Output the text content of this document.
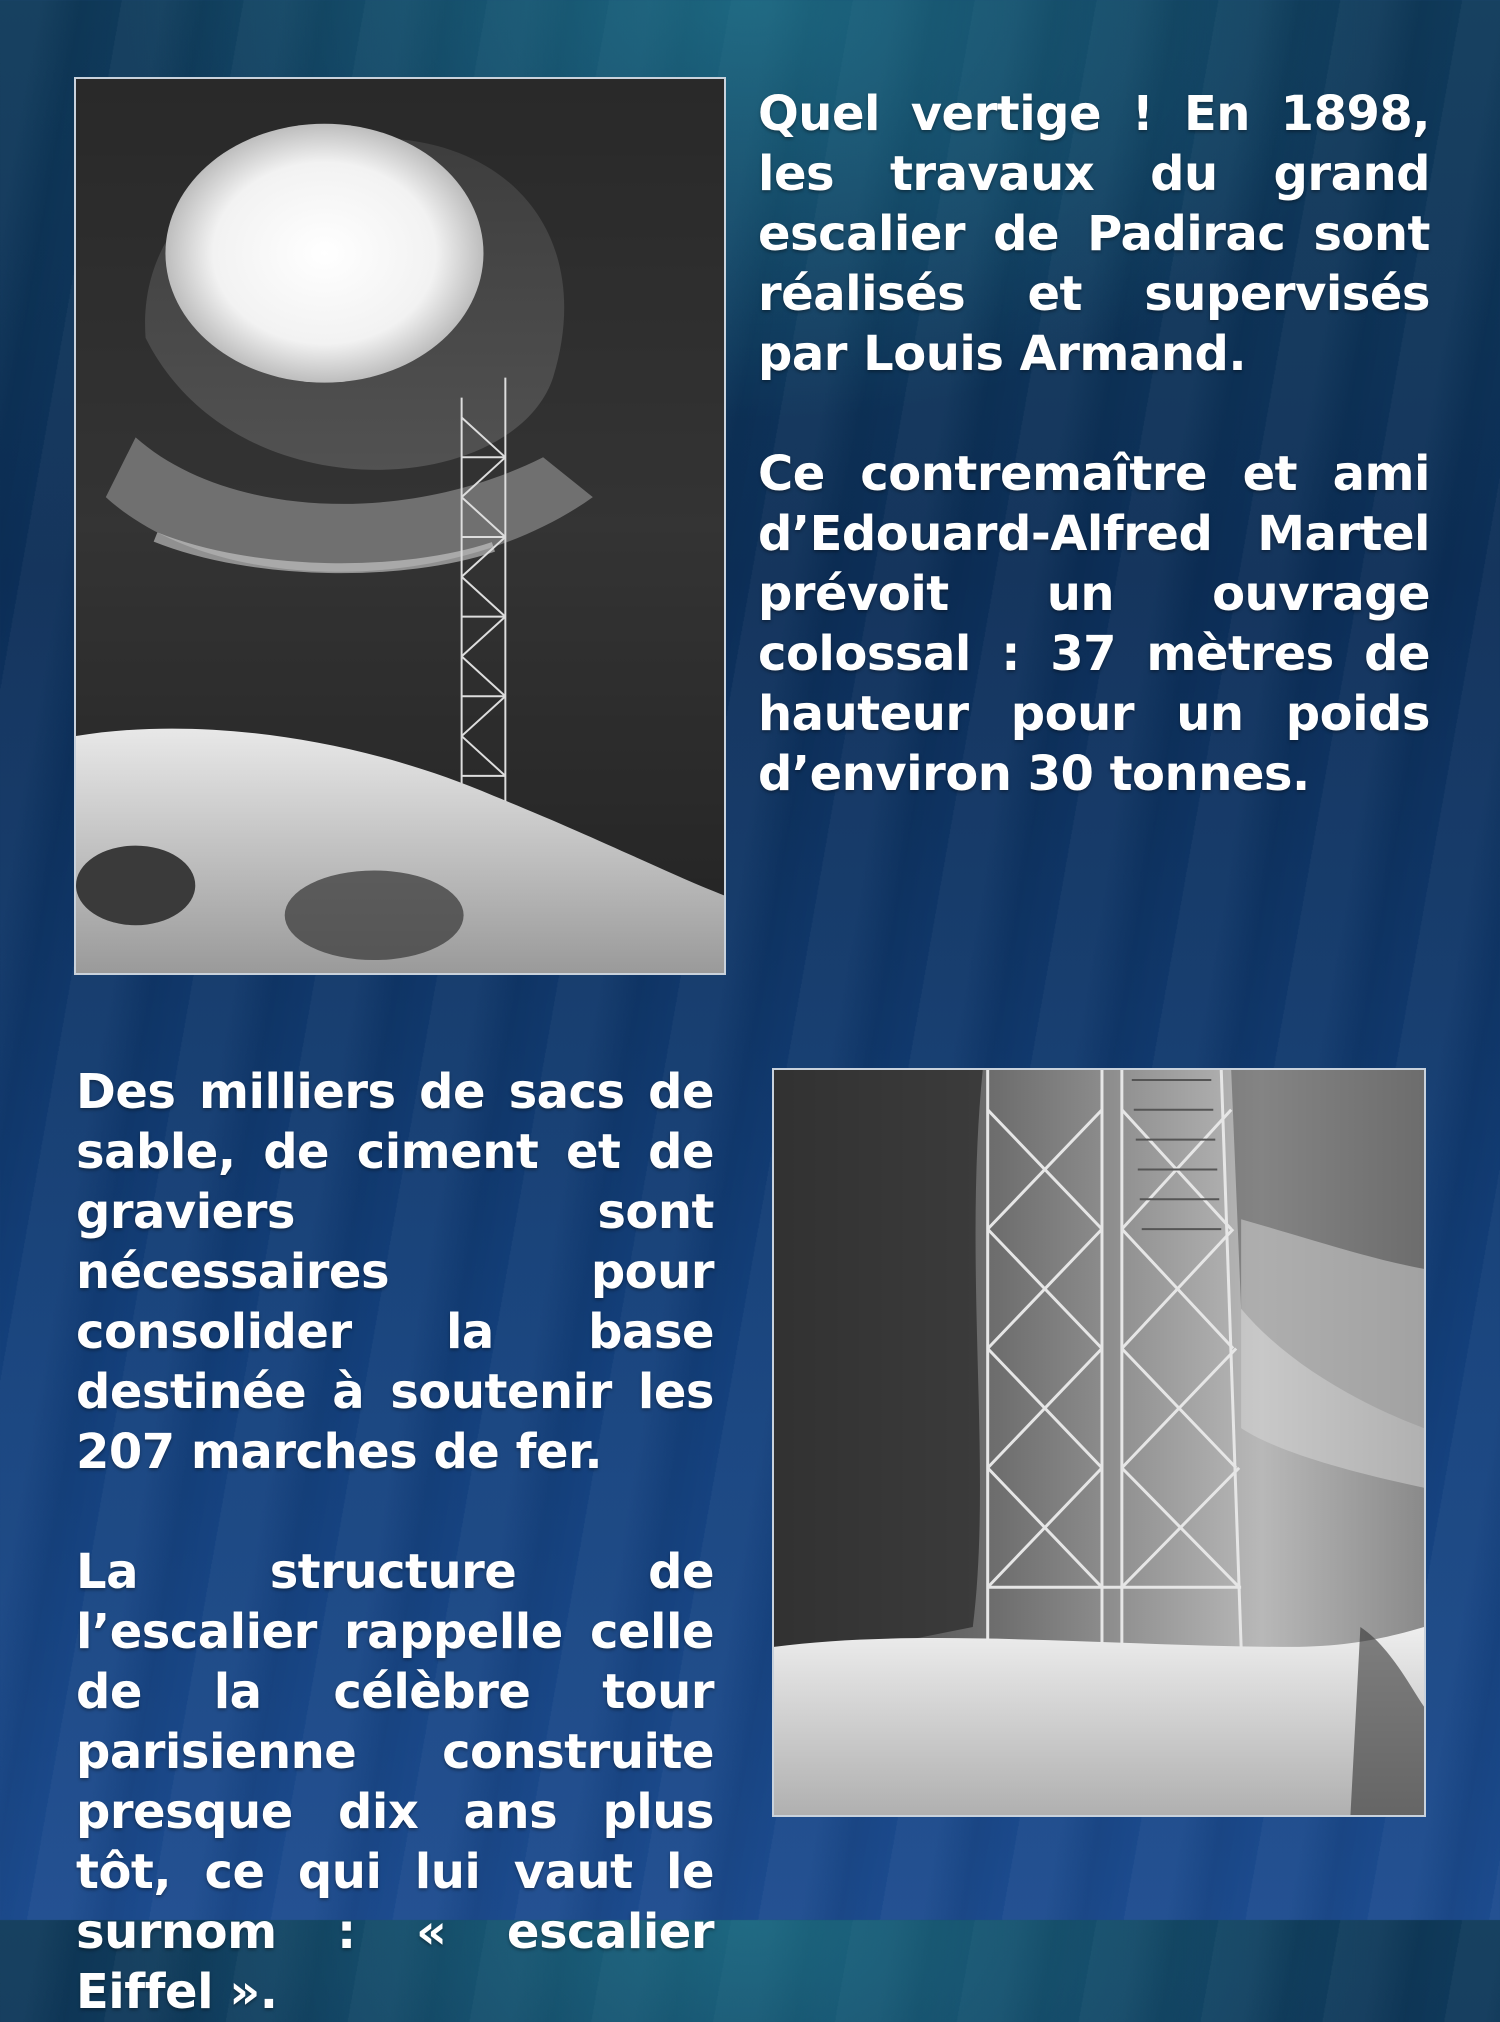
Quel vertige ! En 1898, les travaux du grand escalier de Padirac sont réalisés et supervisés par Louis Armand.

Ce contremaître et ami d’Edouard-Alfred Martel prévoit un ouvrage colossal : 37 mètres de hauteur pour un poids d’environ 30 tonnes.

Des milliers de sacs de sable, de ciment et de graviers sont nécessaires pour consolider la base destinée à soutenir les 207 marches de fer.

La structure de l’escalier rappelle celle de la célèbre tour parisienne construite presque dix ans plus tôt, ce qui lui vaut le surnom : « escalier Eiffel ».
